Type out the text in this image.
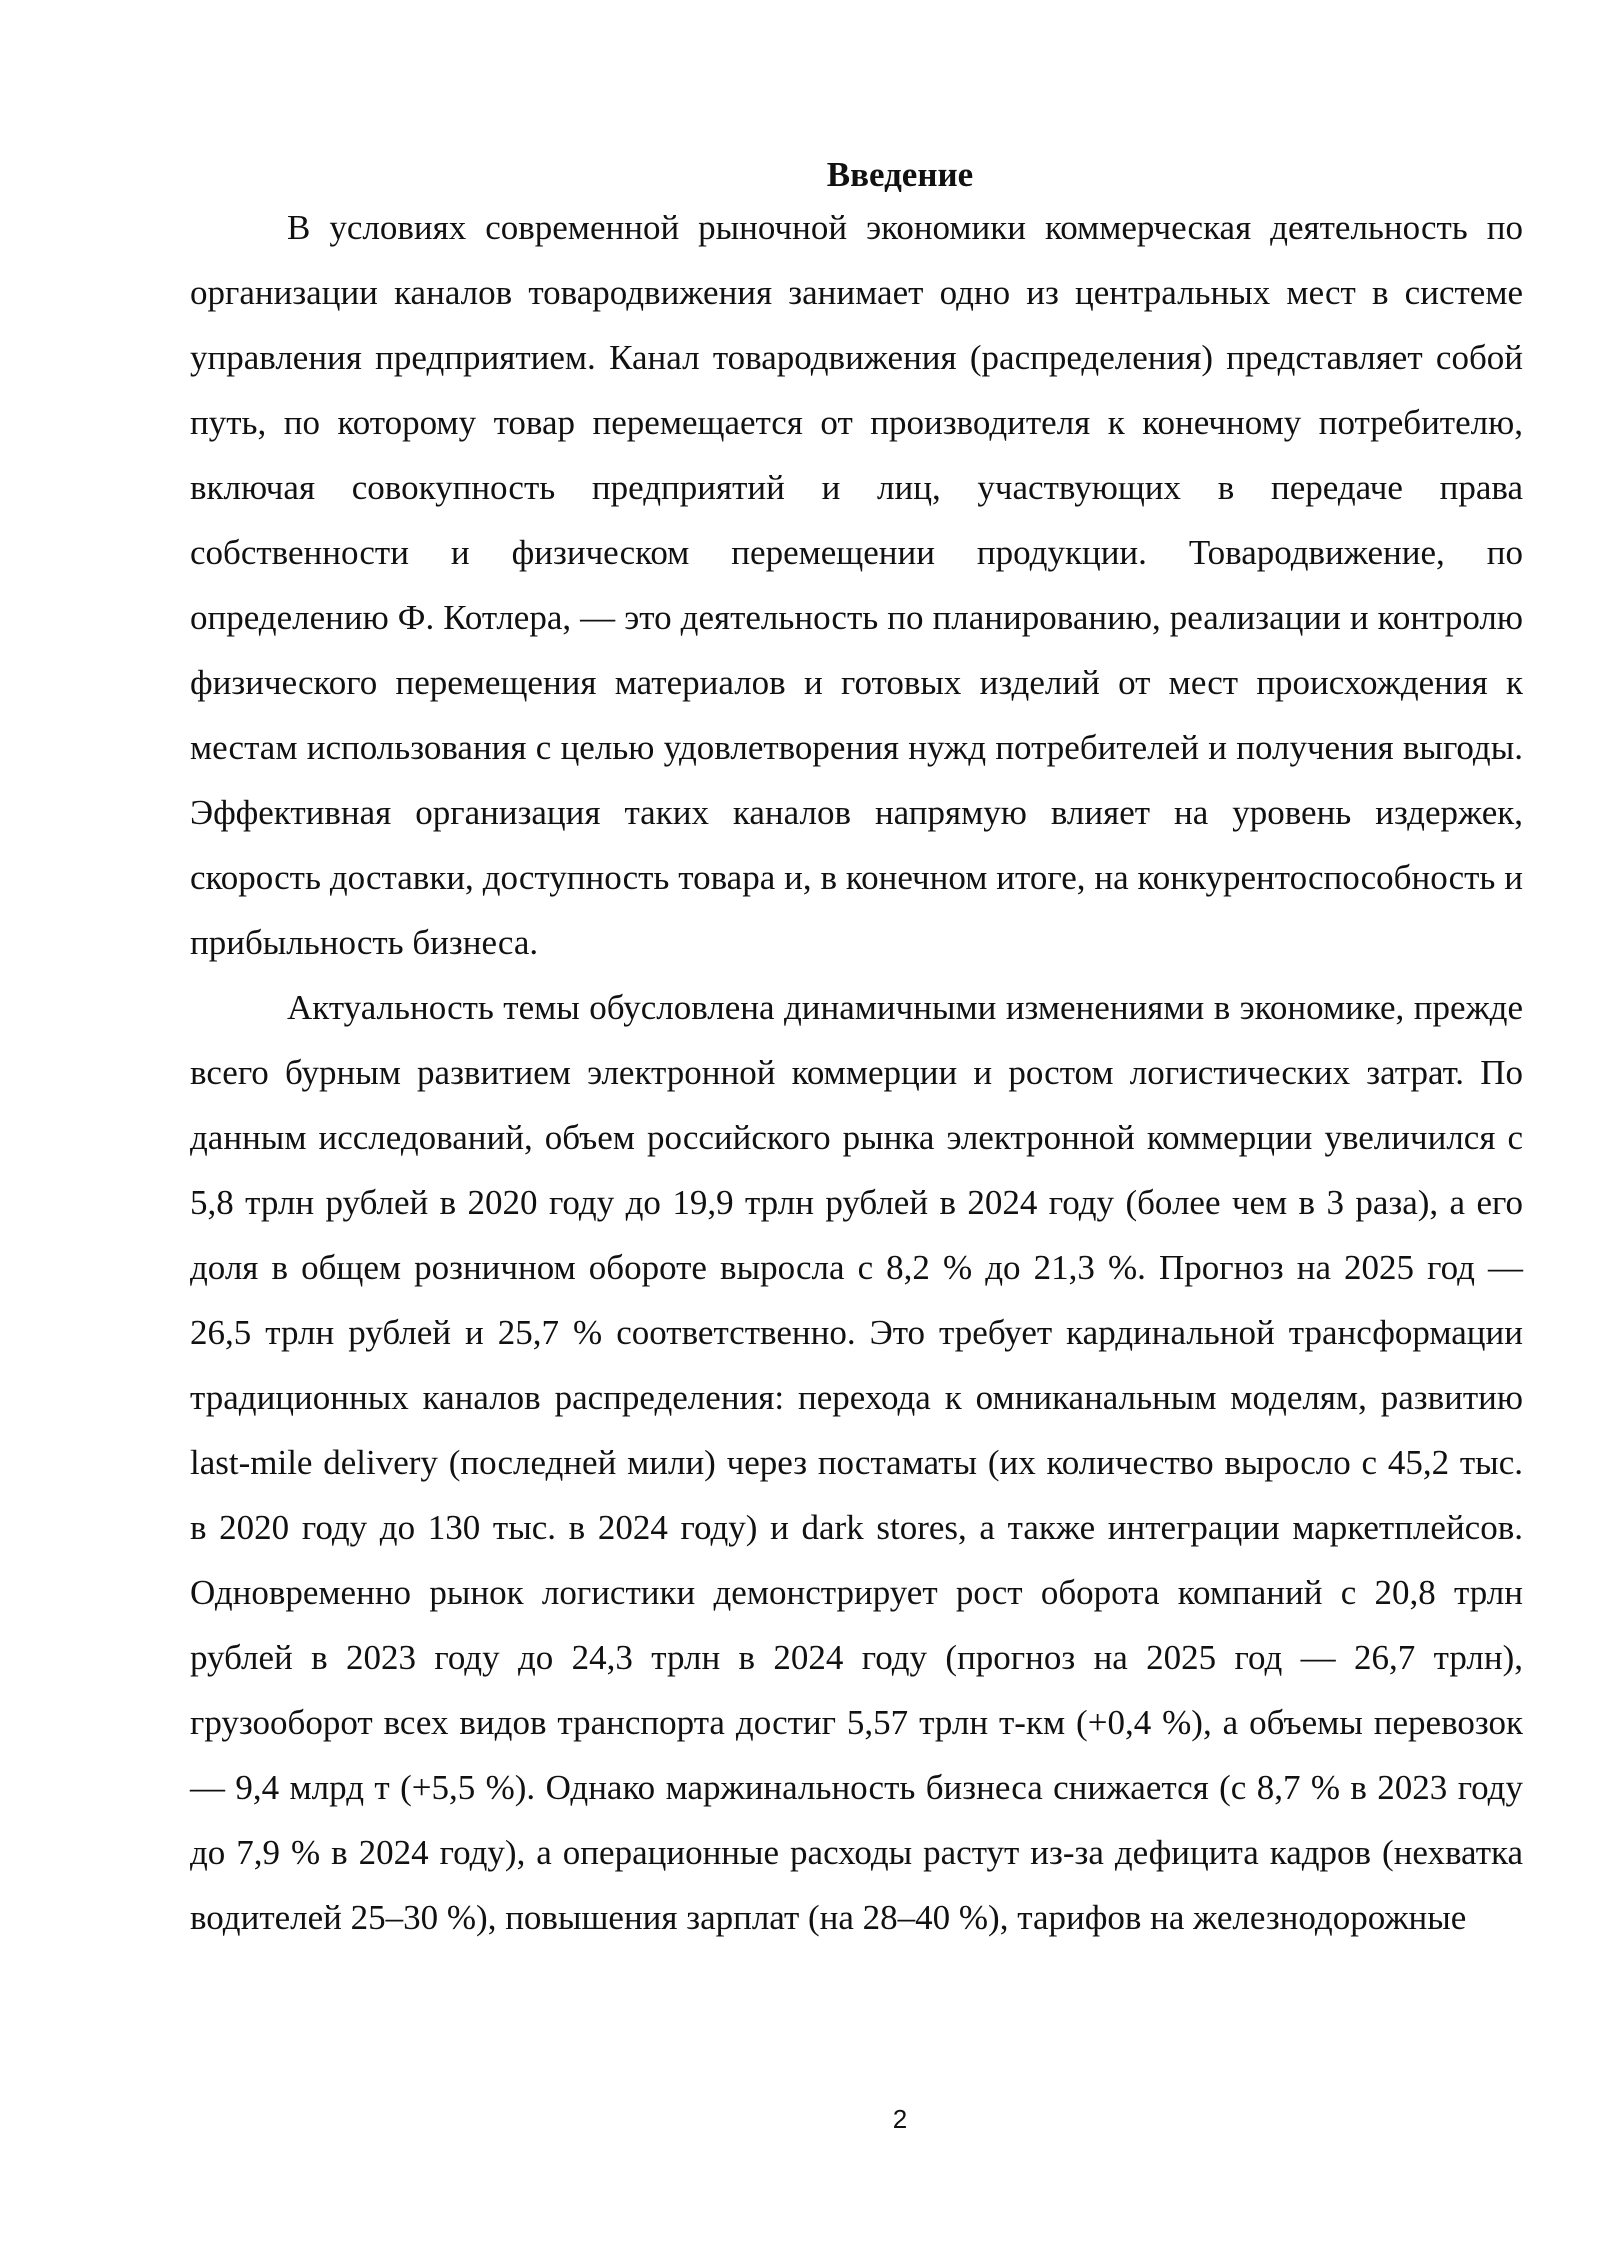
Введение

В условиях современной рыночной экономики коммерческая деятельность по организации каналов товародвижения занимает одно из центральных мест в системе управления предприятием. Канал товародвижения (распределения) представляет собой путь, по которому товар перемещается от производителя к конечному потребителю, включая совокупность предприятий и лиц, участвующих в передаче права собственности и физическом перемещении продукции. Товародвижение, по определению Ф. Котлера, — это деятельность по планированию, реализации и контролю физического перемещения материалов и готовых изделий от мест происхождения к местам использования с целью удовлетворения нужд потребителей и получения выгоды. Эффективная организация таких каналов напрямую влияет на уровень издержек, скорость доставки, доступность товара и, в конечном итоге, на конкурентоспособность и прибыльность бизнеса.

Актуальность темы обусловлена динамичными изменениями в экономике, прежде всего бурным развитием электронной коммерции и ростом логистических затрат. По данным исследований, объем российского рынка электронной коммерции увеличился с 5,8 трлн рублей в 2020 году до 19,9 трлн рублей в 2024 году (более чем в 3 раза), а его доля в общем розничном обороте выросла с 8,2 % до 21,3 %. Прогноз на 2025 год — 26,5 трлн рублей и 25,7 % соответственно. Это требует кардинальной трансформации традиционных каналов распределения: перехода к омниканальным моделям, развитию last-mile delivery (последней мили) через постаматы (их количество выросло с 45,2 тыс. в 2020 году до 130 тыс. в 2024 году) и dark stores, а также интеграции маркетплейсов. Одновременно рынок логистики демонстрирует рост оборота компаний с 20,8 трлн рублей в 2023 году до 24,3 трлн в 2024 году (прогноз на 2025 год — 26,7 трлн), грузооборот всех видов транспорта достиг 5,57 трлн т-км (+0,4 %), а объемы перевозок — 9,4 млрд т (+5,5 %). Однако маржинальность бизнеса снижается (с 8,7 % в 2023 году до 7,9 % в 2024 году), а операционные расходы растут из-за дефицита кадров (нехватка водителей 25–30 %), повышения зарплат (на 28–40 %), тарифов на железнодорожные

2
